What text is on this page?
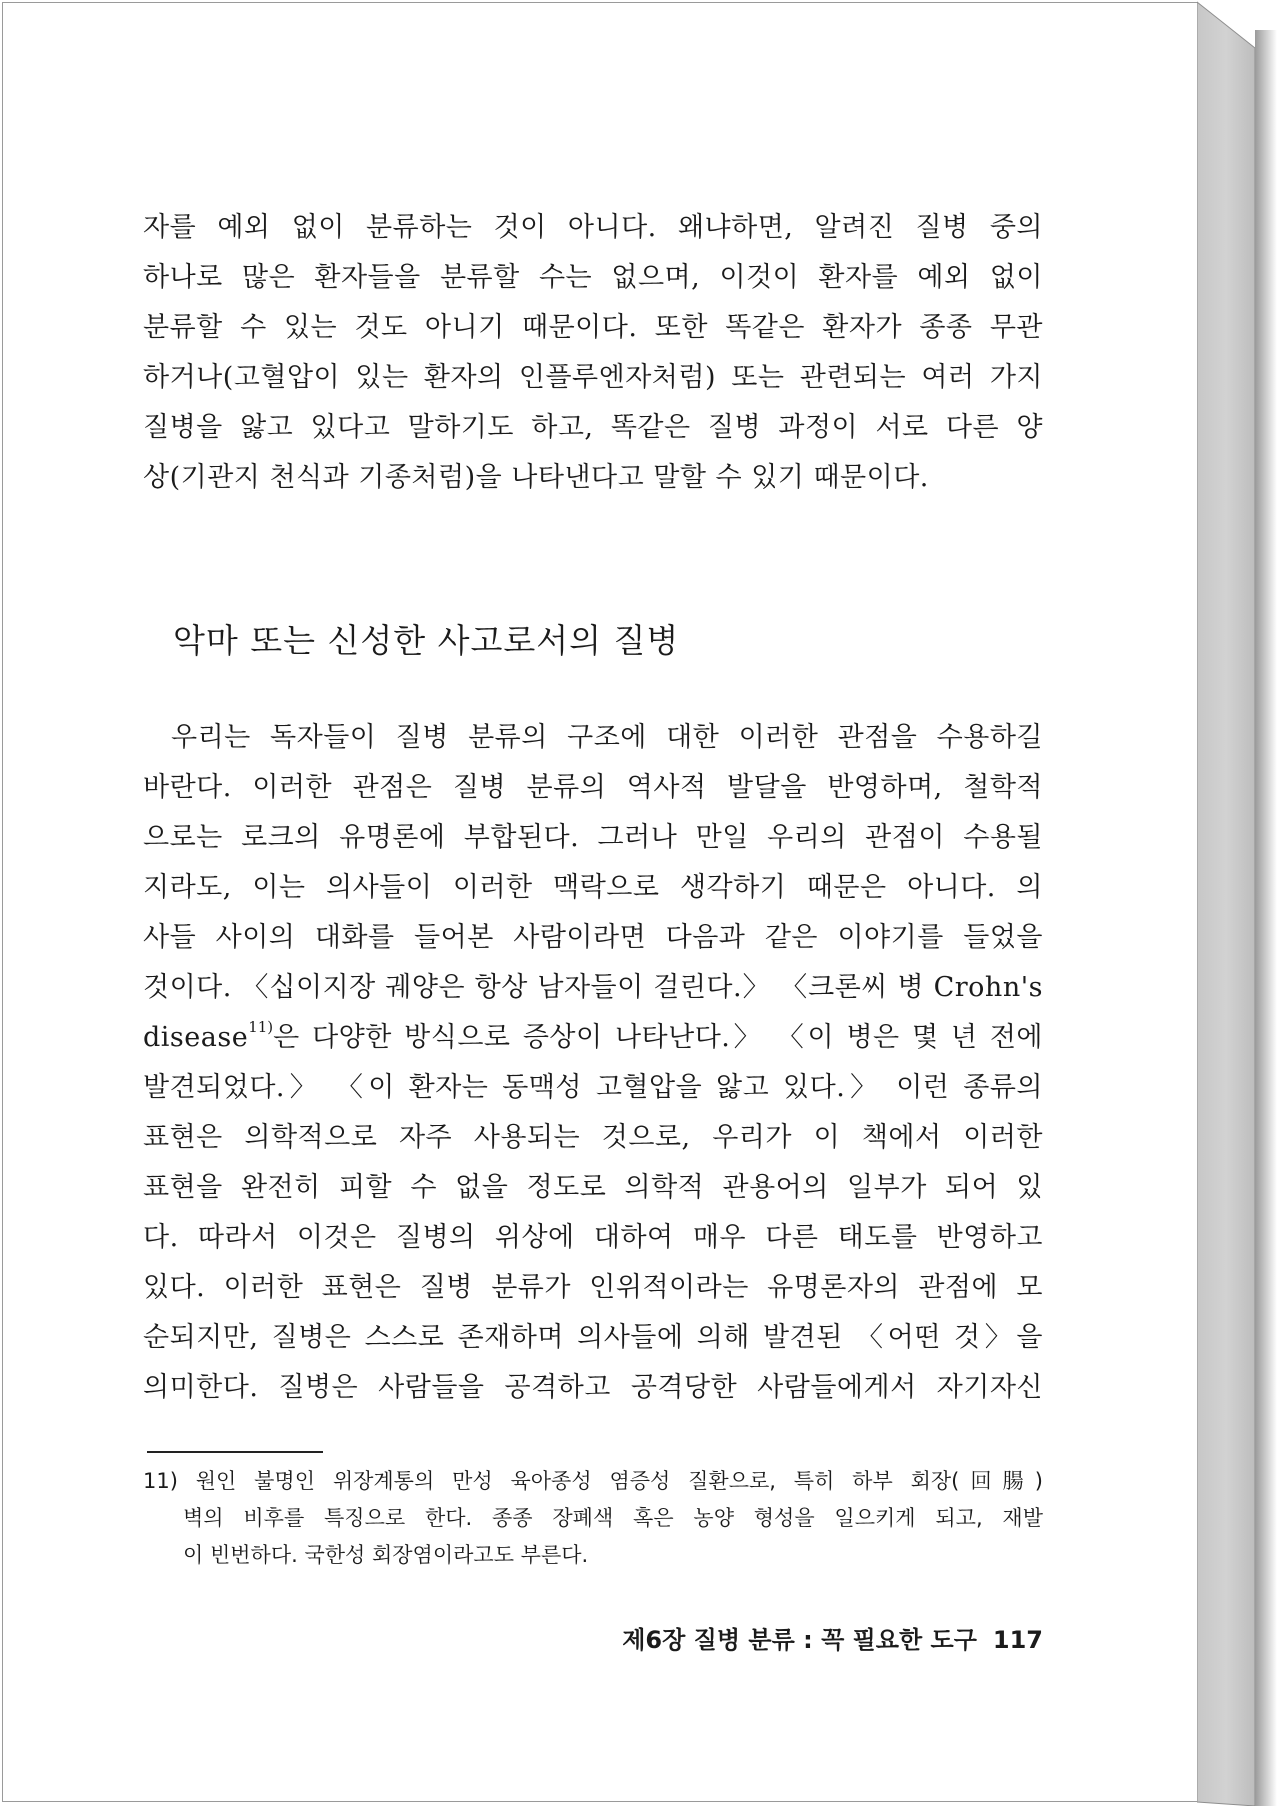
자를 예외 없이 분류하는 것이 아니다. 왜냐하면, 알려진 질병 중의
하나로 많은 환자들을 분류할 수는 없으며, 이것이 환자를 예외 없이
분류할 수 있는 것도 아니기 때문이다. 또한 똑같은 환자가 종종 무관
하거나(고혈압이 있는 환자의 인플루엔자처럼) 또는 관련되는 여러 가지
질병을 앓고 있다고 말하기도 하고, 똑같은 질병 과정이 서로 다른 양
상(기관지 천식과 기종처럼)을 나타낸다고 말할 수 있기 때문이다.

악마 또는 신성한 사고로서의 질병

우리는 독자들이 질병 분류의 구조에 대한 이러한 관점을 수용하길
바란다. 이러한 관점은 질병 분류의 역사적 발달을 반영하며, 철학적
으로는 로크의 유명론에 부합된다. 그러나 만일 우리의 관점이 수용될
지라도, 이는 의사들이 이러한 맥락으로 생각하기 때문은 아니다. 의
사들 사이의 대화를 들어본 사람이라면 다음과 같은 이야기를 들었을
것이다. 〈십이지장 궤양은 항상 남자들이 걸린다.〉 〈크론씨 병 Crohn's
disease$^{11)}$은 다양한 방식으로 증상이 나타난다.〉 〈이 병은 몇 년 전에
발견되었다.〉 〈이 환자는 동맥성 고혈압을 앓고 있다.〉 이런 종류의
표현은 의학적으로 자주 사용되는 것으로, 우리가 이 책에서 이러한
표현을 완전히 피할 수 없을 정도로 의학적 관용어의 일부가 되어 있
다. 따라서 이것은 질병의 위상에 대하여 매우 다른 태도를 반영하고
있다. 이러한 표현은 질병 분류가 인위적이라는 유명론자의 관점에 모
순되지만, 질병은 스스로 존재하며 의사들에 의해 발견된 〈어떤 것〉을
의미한다. 질병은 사람들을 공격하고 공격당한 사람들에게서 자기자신

11) 원인 불명인 위장계통의 만성 육아종성 염증성 질환으로, 특히 하부 회장(回腸)
벽의 비후를 특징으로 한다. 종종 장폐색 혹은 농양 형성을 일으키게 되고, 재발
이 빈번하다. 국한성 회장염이라고도 부른다.
제6장 질병 분류 : 꼭 필요한 도구 117
